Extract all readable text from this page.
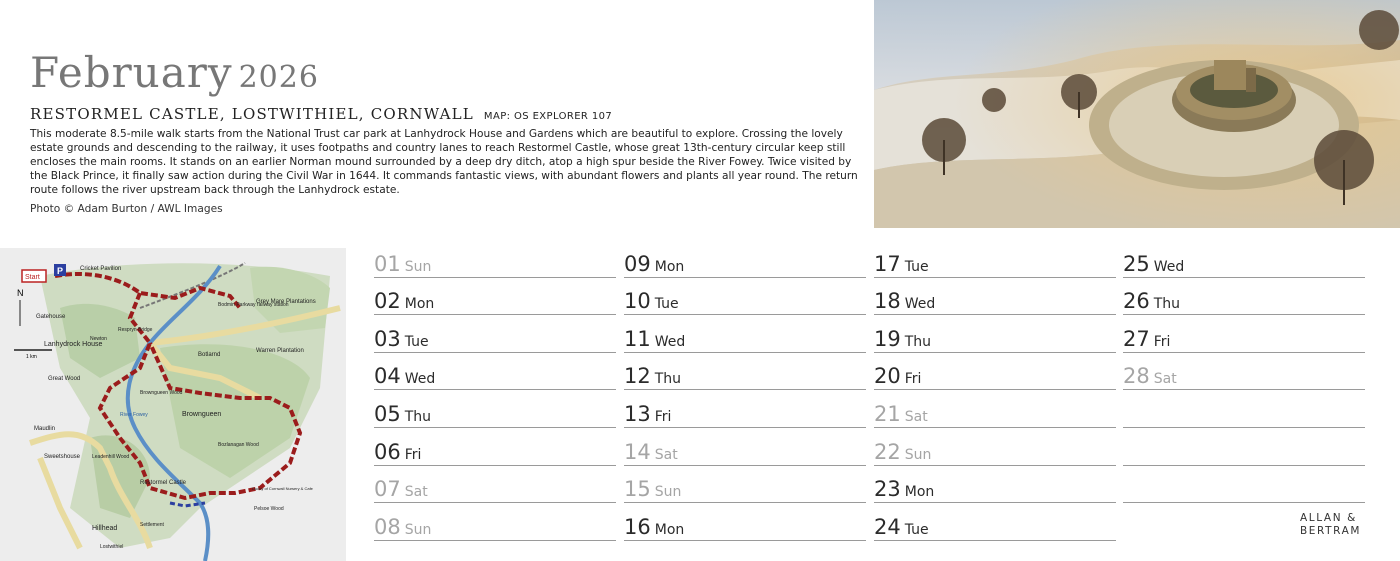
February 2026
RESTORMEL CASTLE, LOSTWITHIEL, CORNWALL MAP: OS EXPLORER 107

This moderate 8.5-mile walk starts from the National Trust car park at Lanhydrock House and Gardens which are beautiful to explore. Crossing the lovely estate grounds and descending to the railway, it uses footpaths and country lanes to reach Restormel Castle, whose great 13th-century circular keep still encloses the main rooms. It stands on an earlier Norman mound surrounded by a deep dry ditch, atop a high spur beside the River Fowey. Twice visited by the Black Prince, it finally saw action during the Civil War in 1644. It commands fantastic views, with abundant flowers and plants all year round. The return route follows the river upstream back through the Lanhydrock estate.

Photo © Adam Burton / AWL Images
Start
P
N
1 km
Cricket Pavilion
Gatehouse
Lanhydrock House
Grey Mare Plantations
Bodmin Parkway railway station
Botlarnd
Warren Plantation
Great Wood
Browngueen Wood
Browngueen
River Fowey
Maudlin
Sweetshouse Leadenhill Wood
Restormel Castle
Duchy of Cornwall Nursery & Cafe
Pelsoe Wood
Hillhead	Settlement
Lostwithiel
Respryn Bridge
Newton
Bozlanagan Wood
01 Sun
02 Mon
03 Tue
04 Wed
05 Thu
06 Fri
07 Sat
08 Sun
09 Mon
10 Tue
11 Wed
12 Thu
13 Fri
14 Sat
15 Sun
16 Mon
17 Tue
18 Wed
19 Thu
20 Fri
21 Sat
22 Sun
23 Mon
24 Tue
25 Wed
26 Thu
27 Fri
28 Sat
ALLAN &
BERTRAM
